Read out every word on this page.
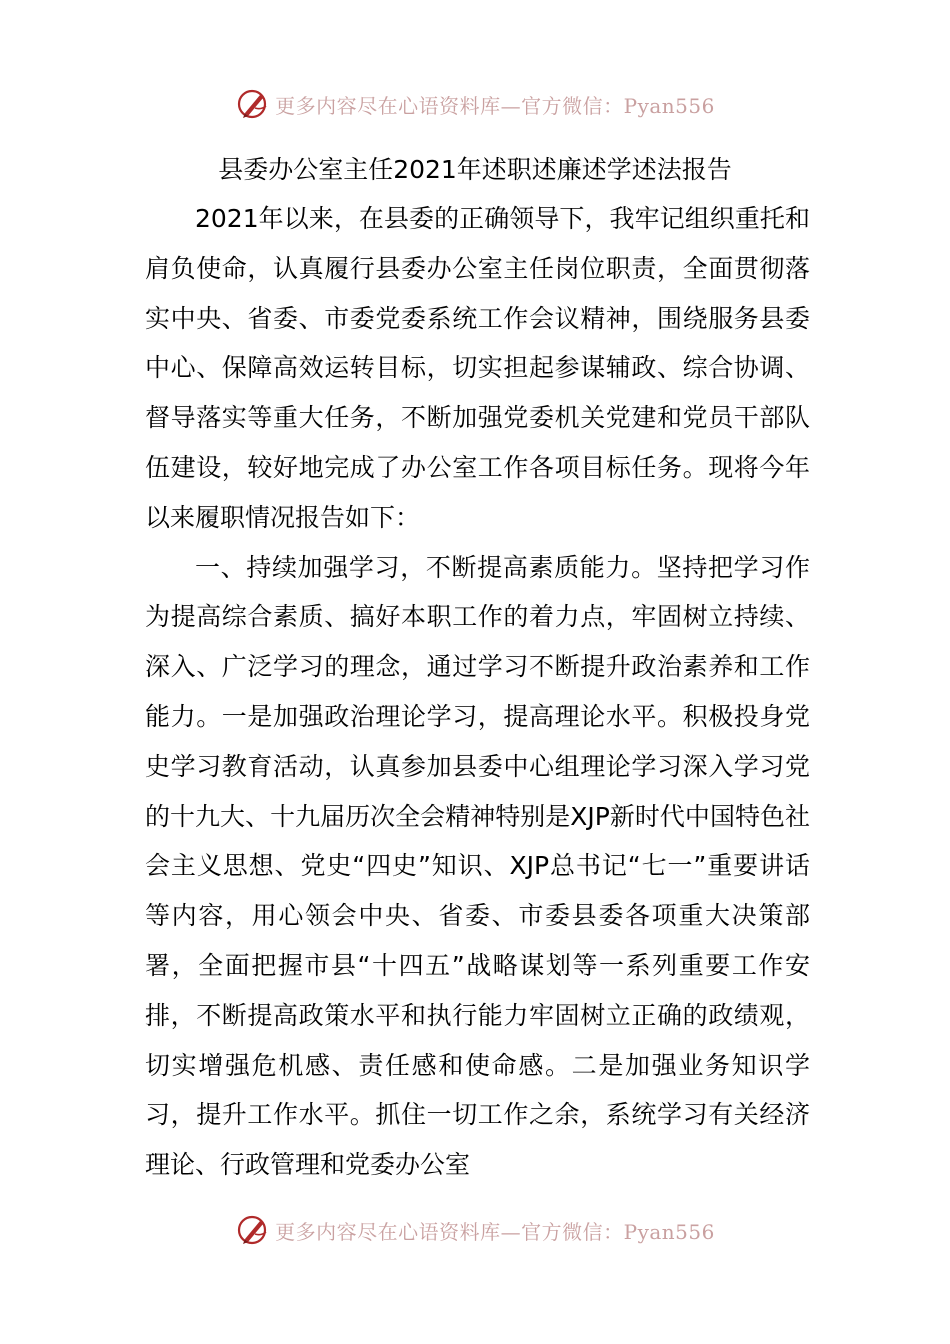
更多内容尽在心语资料库—官方微信：Pyan556
县委办公室主任2021年述职述廉述学述法报告

2021年以来，在县委的正确领导下，我牢记组织重托和肩负使命，认真履行县委办公室主任岗位职责，全面贯彻落实中央、省委、市委党委系统工作会议精神，围绕服务县委中心、保障高效运转目标，切实担起参谋辅政、综合协调、督导落实等重大任务，不断加强党委机关党建和党员干部队伍建设，较好地完成了办公室工作各项目标任务。现将今年以来履职情况报告如下：

一、持续加强学习，不断提高素质能力。坚持把学习作为提高综合素质、搞好本职工作的着力点，牢固树立持续、深入、广泛学习的理念，通过学习不断提升政治素养和工作能力。一是加强政治理论学习，提高理论水平。积极投身党史学习教育活动，认真参加县委中心组理论学习深入学习党的十九大、十九届历次全会精神特别是XJP新时代中国特色社会主义思想、党史“四史”知识、XJP总书记“七一”重要讲话等内容，用心领会中央、省委、市委县委各项重大决策部署，全面把握市县“十四五”战略谋划等一系列重要工作安排，不断提高政策水平和执行能力牢固树立正确的政绩观，切实增强危机感、责任感和使命感。二是加强业务知识学习，提升工作水平。抓住一切工作之余，系统学习有关经济理论、行政管理和党委办公室

更多内容尽在心语资料库—官方微信：Pyan556
